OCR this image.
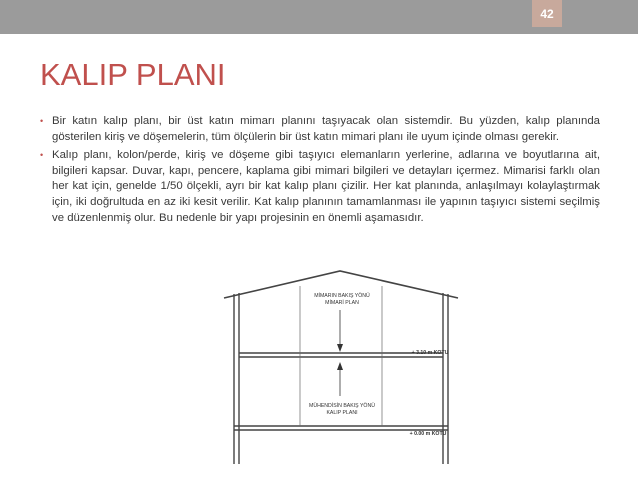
42
KALIP PLANI

• Bir katın kalıp planı, bir üst katın mimarı planını taşıyacak olan sistemdir. Bu yüzden, kalıp planında gösterilen kiriş ve döşemelerin, tüm ölçülerin bir üst katın mimari planı ile uyum içinde olması gerekir.

• Kalıp planı, kolon/perde, kiriş ve döşeme gibi taşıyıcı elemanların yerlerine, adlarına ve boyutlarına ait, bilgileri kapsar. Duvar, kapı, pencere, kaplama gibi mimari bilgileri ve detayları içermez. Mimarisi farklı olan her kat için, genelde 1/50 ölçekli, ayrı bir kat kalıp planı çizilir. Her kat planında, anlaşılmayı kolaylaştırmak için, iki doğrultuda en az iki kesit verilir. Kat kalıp planının tamamlanması ile yapının taşıyıcı sistemi seçilmiş ve düzenlenmiş olur. Bu nedenle bir yapı projesinin en önemli aşamasıdır.

MİMARIN BAKIŞ YÖNÜ
MİMARİ PLAN
MÜHENDİSİN BAKIŞ YÖNÜ
KALIP PLANI
+ 3.10 m KOTU
+ 0.00 m KOTU
